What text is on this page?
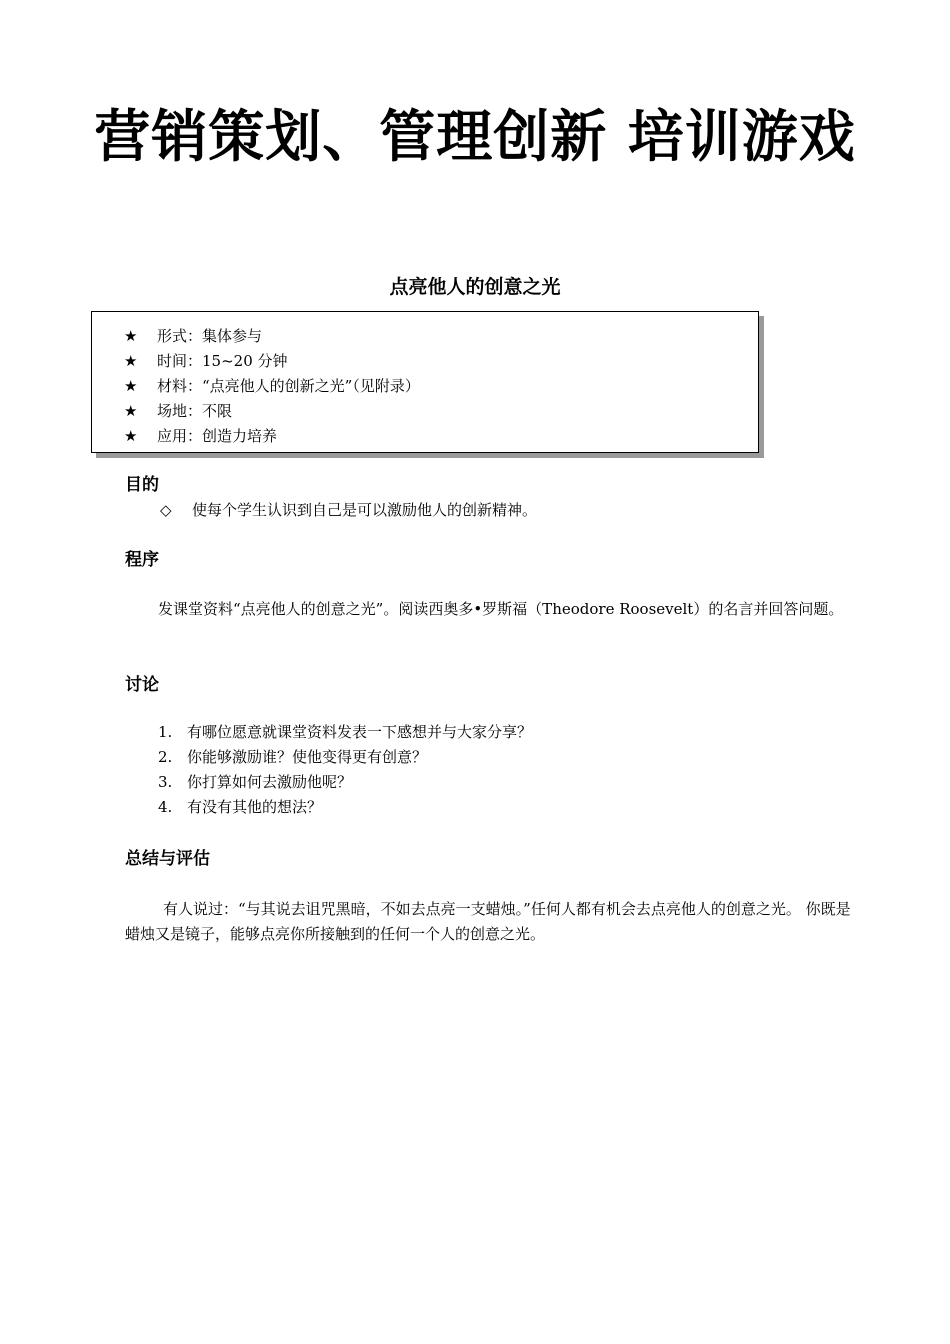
营销策划、管理创新 培训游戏
点亮他人的创意之光
★	形式：集体参与
★	时间：15~20 分钟
★	材料：“点亮他人的创新之光”（见附录）
★	场地：不限
★	应用：创造力培养
目的
◇	使每个学生认识到自己是可以激励他人的创新精神。
程序
发课堂资料“点亮他人的创意之光”。阅读西奥多•罗斯福（Theodore Roosevelt）的名言并回答问题。
讨论
1. 有哪位愿意就课堂资料发表一下感想并与大家分享？
2. 你能够激励谁？使他变得更有创意？
3. 你打算如何去激励他呢？
4. 有没有其他的想法？
总结与评估
有人说过：“与其说去诅咒黑暗，不如去点亮一支蜡烛。”任何人都有机会去点亮他人的创意之光。 你既是蜡烛又是镜子，能够点亮你所接触到的任何一个人的创意之光。
